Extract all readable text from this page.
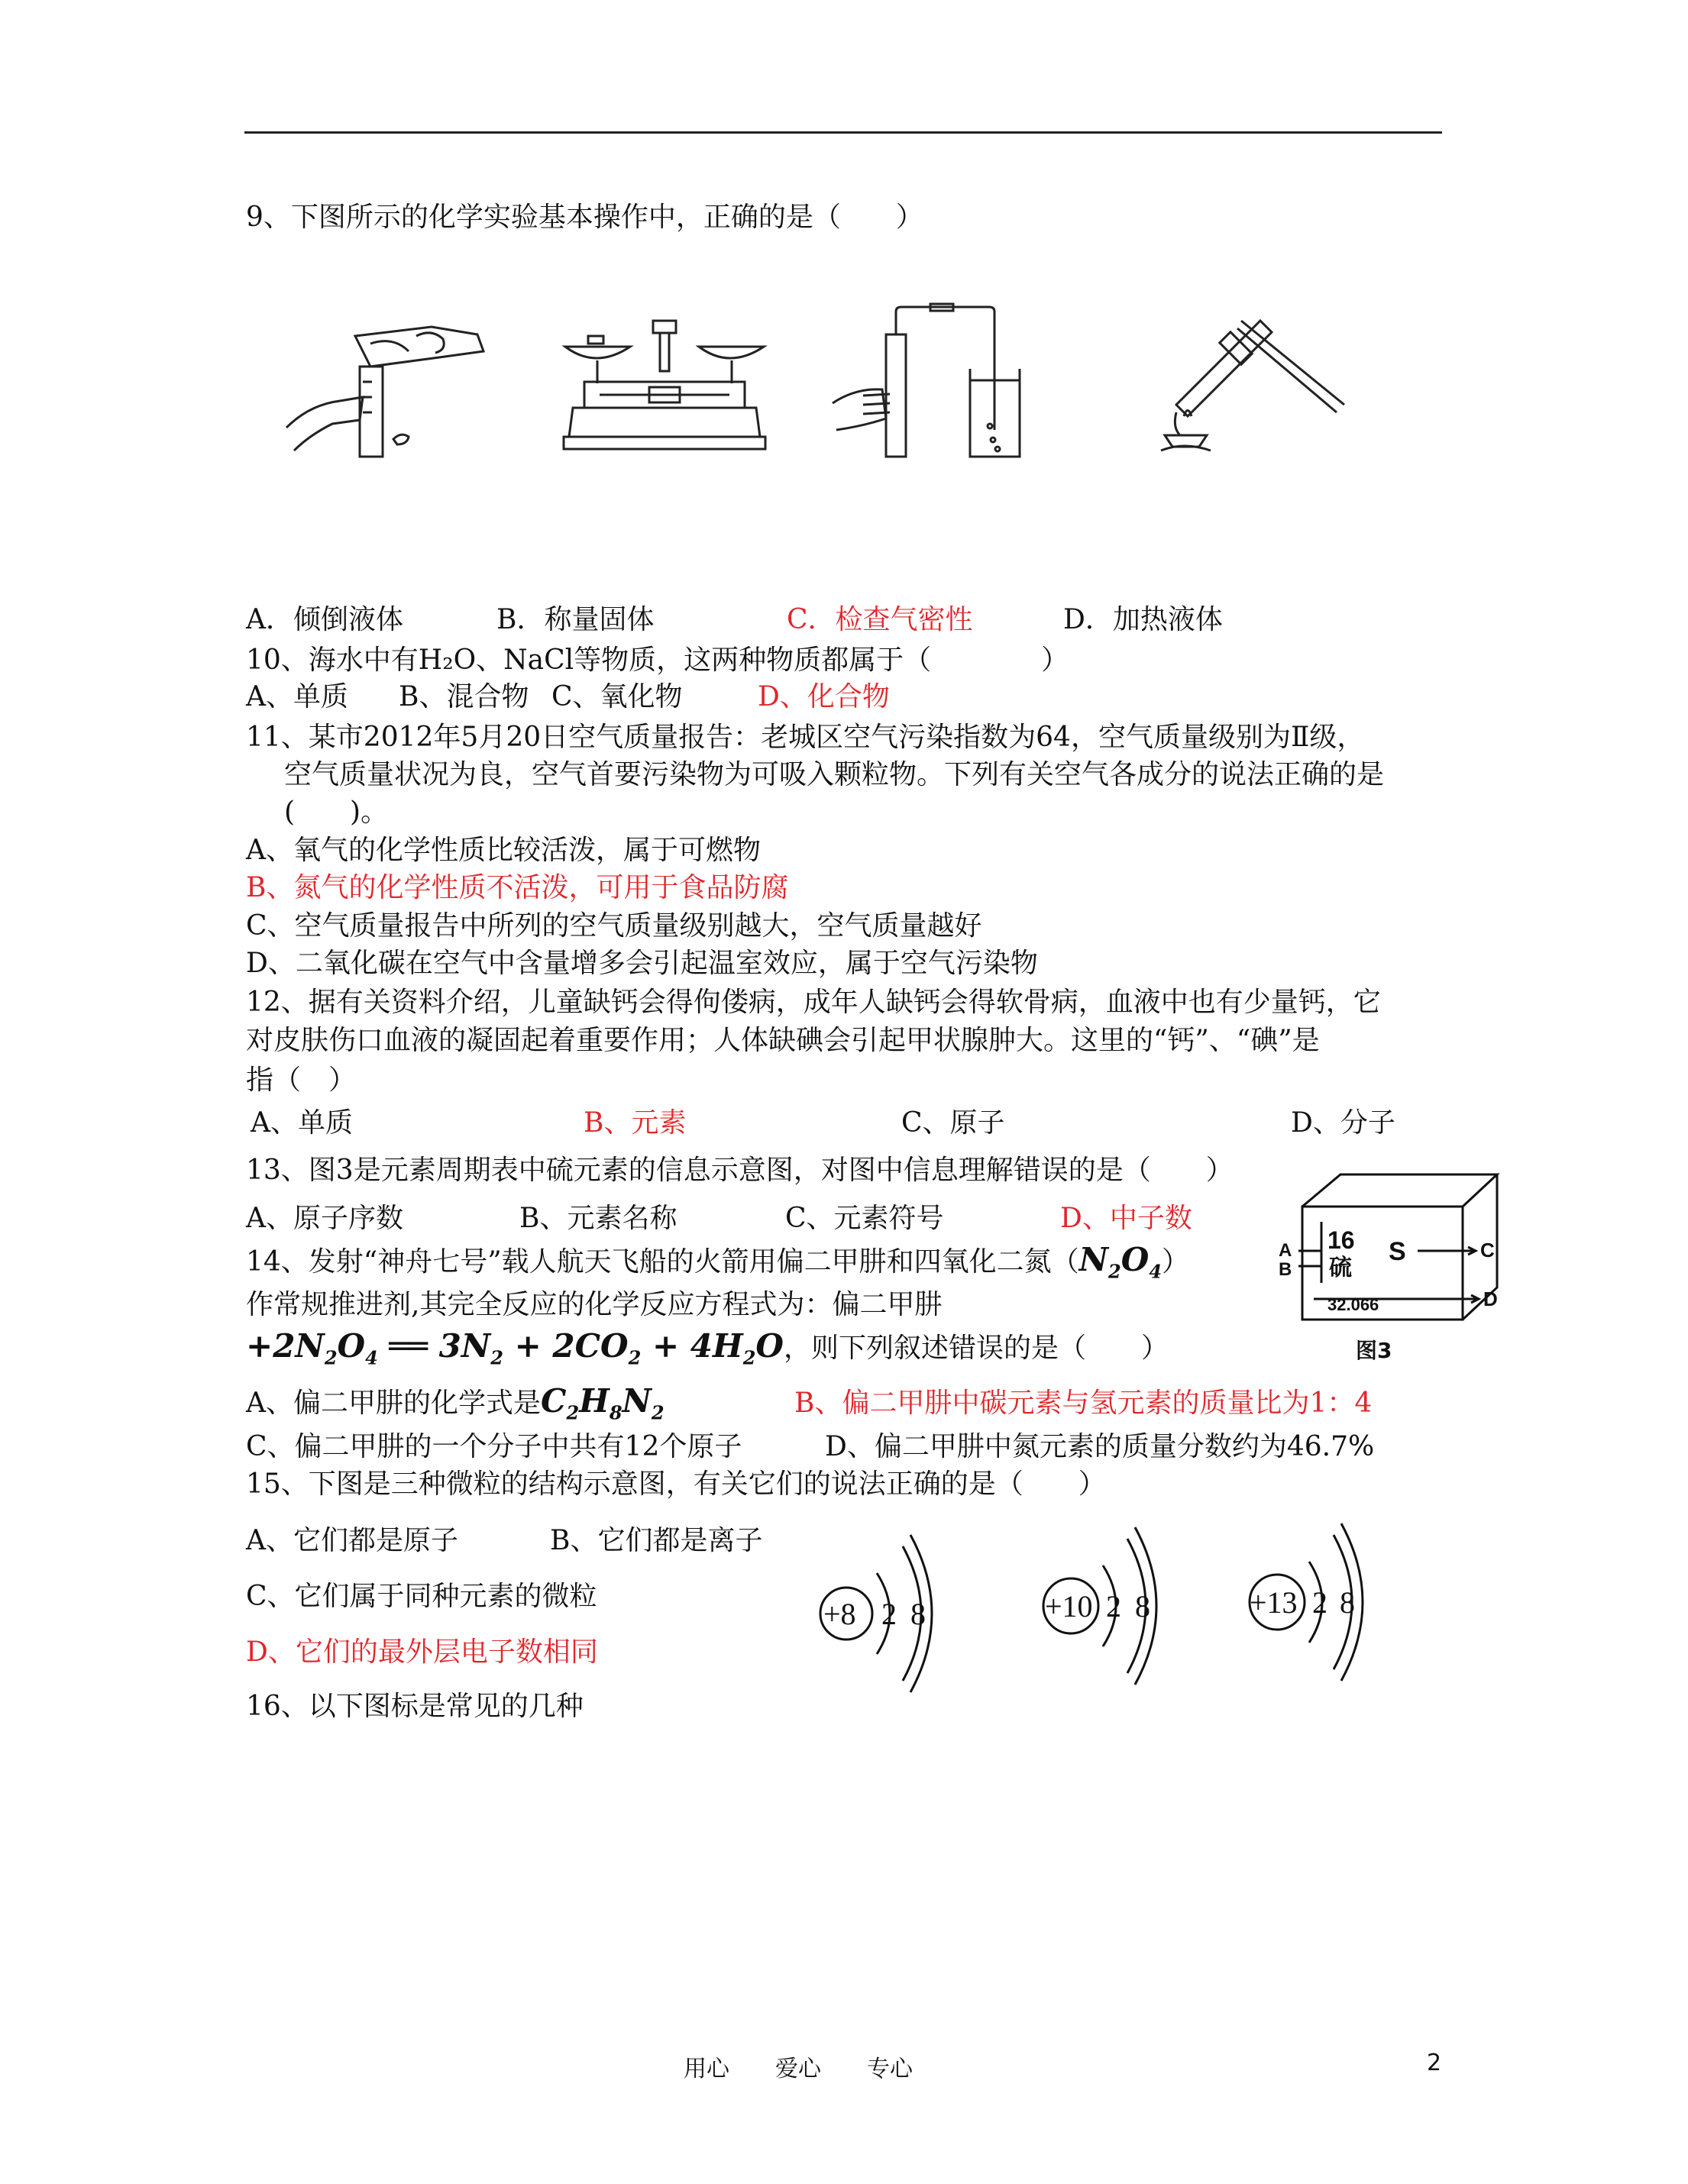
9、下图所示的化学实验基本操作中，正确的是（　　）
A．倾倒液体	B．称量固体	C．检查气密性	D．加热液体
10、海水中有H₂O、NaCl等物质，这两种物质都属于（　　　　）
A、单质 B、混合物 C、氧化物	D、化合物
11、某市2012年5月20日空气质量报告：老城区空气污染指数为64，空气质量级别为Ⅱ级，
空气质量状况为良，空气首要污染物为可吸入颗粒物。下列有关空气各成分的说法正确的是
(　　)。
A、氧气的化学性质比较活泼，属于可燃物
B、氮气的化学性质不活泼，可用于食品防腐
C、空气质量报告中所列的空气质量级别越大，空气质量越好
D、二氧化碳在空气中含量增多会引起温室效应，属于空气污染物
12、据有关资料介绍，儿童缺钙会得佝偻病，成年人缺钙会得软骨病，血液中也有少量钙，它
对皮肤伤口血液的凝固起着重要作用；人体缺碘会引起甲状腺肿大。这里的“钙”、“碘”是
指（　）
A、单质	B、元素	C、原子	D、分子
13、图3是元素周期表中硫元素的信息示意图，对图中信息理解错误的是（　　）
A、原子序数	B、元素名称	C、元素符号	D、中子数
16
硫
S
32.066
A
B
C
D
图3
14、发射“神舟七号”载人航天飞船的火箭用偏二甲肼和四氧化二氮$(N_2O_4)$
作常规推进剂,其完全反应的化学反应方程式为：偏二甲肼
$+2N_2O_4$ ══ $3N_2 + 2CO_2 + 4H_2O$，则下列叙述错误的是（　　）
A、偏二甲肼的化学式是$C_2H_8N_2$	B、偏二甲肼中碳元素与氢元素的质量比为1：4
C、偏二甲肼的一个分子中共有12个原子	D、偏二甲肼中氮元素的质量分数约为46.7%
15、下图是三种微粒的结构示意图，有关它们的说法正确的是（　　）
A、它们都是原子	B、它们都是离子
C、它们属于同种元素的微粒
D、它们的最外层电子数相同
+8 2 8	+10 2 8	+13 2 8
16、以下图标是常见的几种
用心　　爱心　　专心	2
